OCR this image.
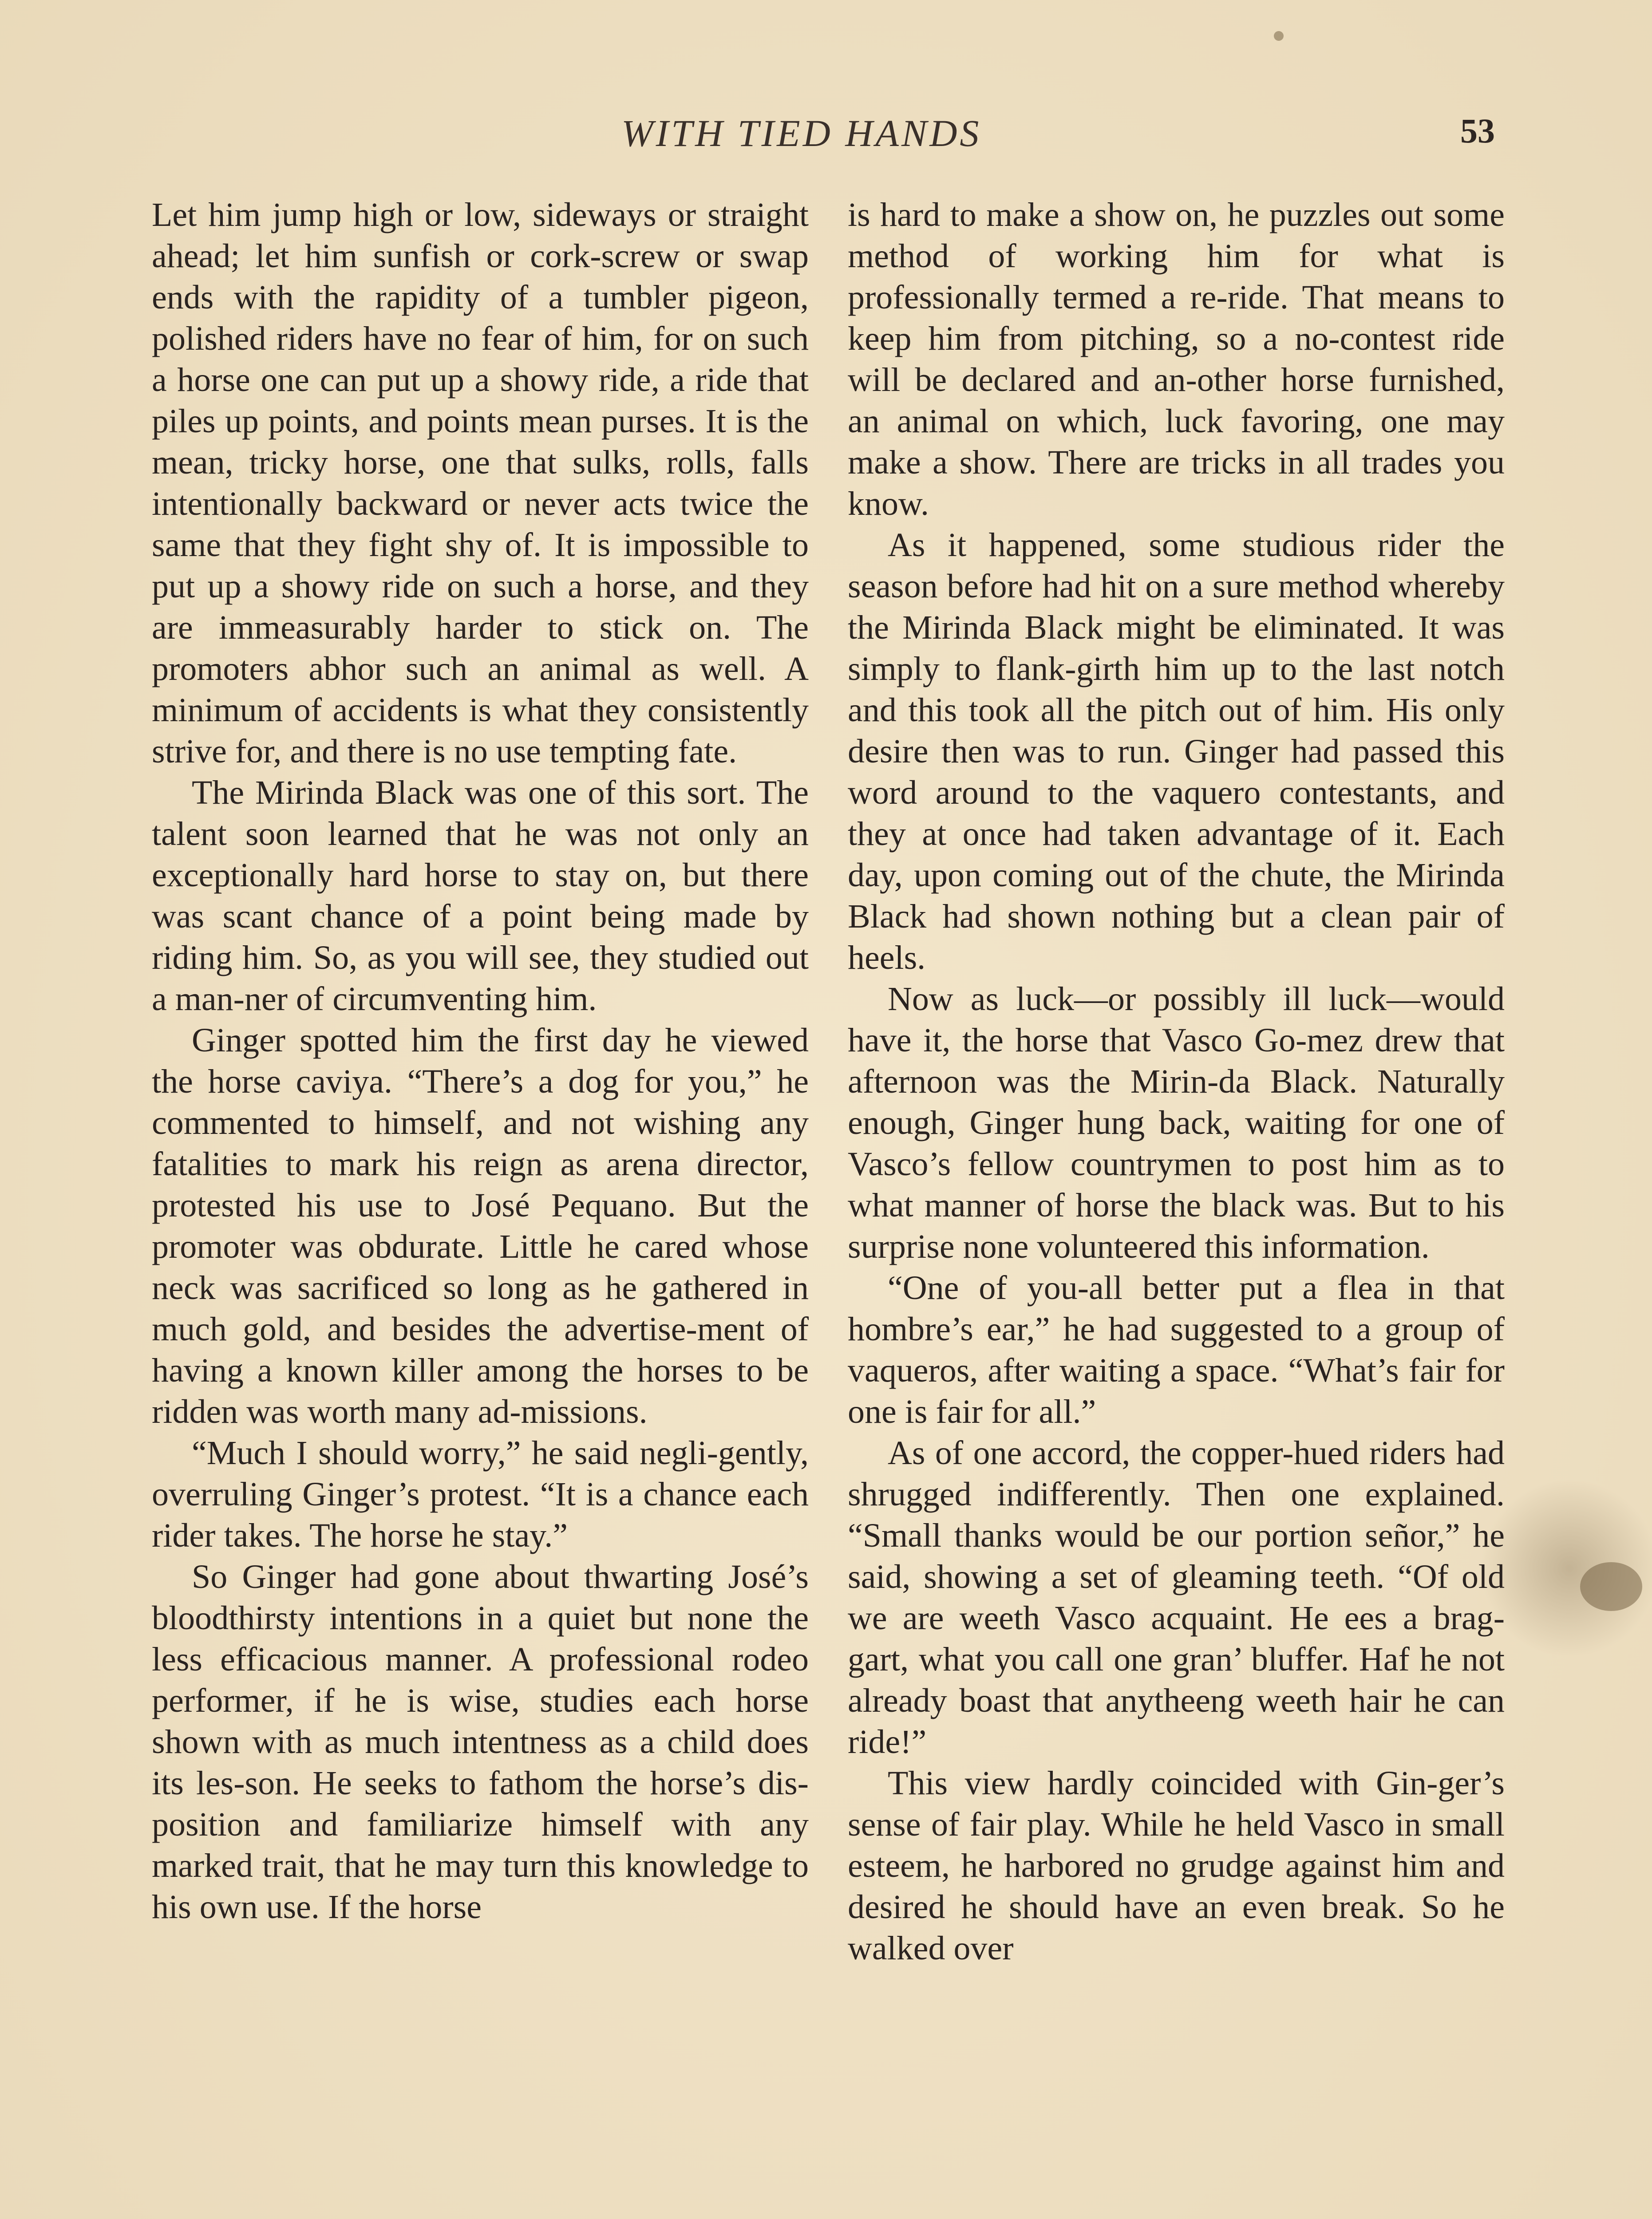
WITH TIED HANDS	53

Let him jump high or low, sideways or straight ahead; let him sunfish or cork-screw or swap ends with the rapidity of a tumbler pigeon, polished riders have no fear of him, for on such a horse one can put up a showy ride, a ride that piles up points, and points mean purses. It is the mean, tricky horse, one that sulks, rolls, falls intentionally backward or never acts twice the same that they fight shy of. It is impossible to put up a showy ride on such a horse, and they are immeasurably harder to stick on. The promoters abhor such an animal as well. A minimum of accidents is what they consistently strive for, and there is no use tempting fate.

The Mirinda Black was one of this sort. The talent soon learned that he was not only an exceptionally hard horse to stay on, but there was scant chance of a point being made by riding him. So, as you will see, they studied out a man-ner of circumventing him.

Ginger spotted him the first day he viewed the horse caviya. “There’s a dog for you,” he commented to himself, and not wishing any fatalities to mark his reign as arena director, protested his use to José Pequano. But the promoter was obdurate. Little he cared whose neck was sacrificed so long as he gathered in much gold, and besides the advertise-ment of having a known killer among the horses to be ridden was worth many ad-missions.

“Much I should worry,” he said negli-gently, overruling Ginger’s protest. “It is a chance each rider takes. The horse he stay.”

So Ginger had gone about thwarting José’s bloodthirsty intentions in a quiet but none the less efficacious manner. A professional rodeo performer, if he is wise, studies each horse shown with as much intentness as a child does its les-son. He seeks to fathom the horse’s dis-position and familiarize himself with any marked trait, that he may turn this knowledge to his own use. If the horse

is hard to make a show on, he puzzles out some method of working him for what is professionally termed a re-ride. That means to keep him from pitching, so a no-contest ride will be declared and an-other horse furnished, an animal on which, luck favoring, one may make a show. There are tricks in all trades you know.

As it happened, some studious rider the season before had hit on a sure method whereby the Mirinda Black might be eliminated. It was simply to flank-girth him up to the last notch and this took all the pitch out of him. His only desire then was to run. Ginger had passed this word around to the vaquero contestants, and they at once had taken advantage of it. Each day, upon coming out of the chute, the Mirinda Black had shown nothing but a clean pair of heels.

Now as luck—or possibly ill luck—would have it, the horse that Vasco Go-mez drew that afternoon was the Mirin-da Black. Naturally enough, Ginger hung back, waiting for one of Vasco’s fellow countrymen to post him as to what manner of horse the black was. But to his surprise none volunteered this information.

“One of you-all better put a flea in that hombre’s ear,” he had suggested to a group of vaqueros, after waiting a space. “What’s fair for one is fair for all.”

As of one accord, the copper-hued riders had shrugged indifferently. Then one explained. “Small thanks would be our portion señor,” he said, showing a set of gleaming teeth. “Of old we are weeth Vasco acquaint. He ees a brag-gart, what you call one gran’ bluffer. Haf he not already boast that anytheeng weeth hair he can ride!”

This view hardly coincided with Gin-ger’s sense of fair play. While he held Vasco in small esteem, he harbored no grudge against him and desired he should have an even break. So he walked over
